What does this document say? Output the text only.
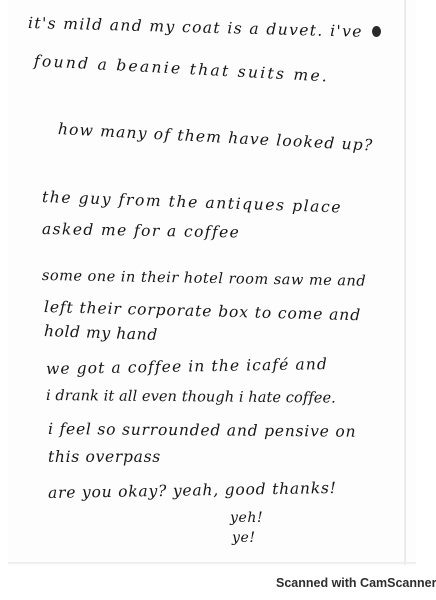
it's mild and my coat is a duvet. i've
found a beanie that suits me.
how many of them have looked up?
the guy from the antiques place
asked me for a coffee
some one in their hotel room saw me and
left their corporate box to come and
hold my hand
we got a coffee in the icafé and
i drank it all even though i hate coffee.
i feel so surrounded and pensive on
this overpass
are you okay? yeah, good thanks!
yeh!
ye!
Scanned with CamScanner
